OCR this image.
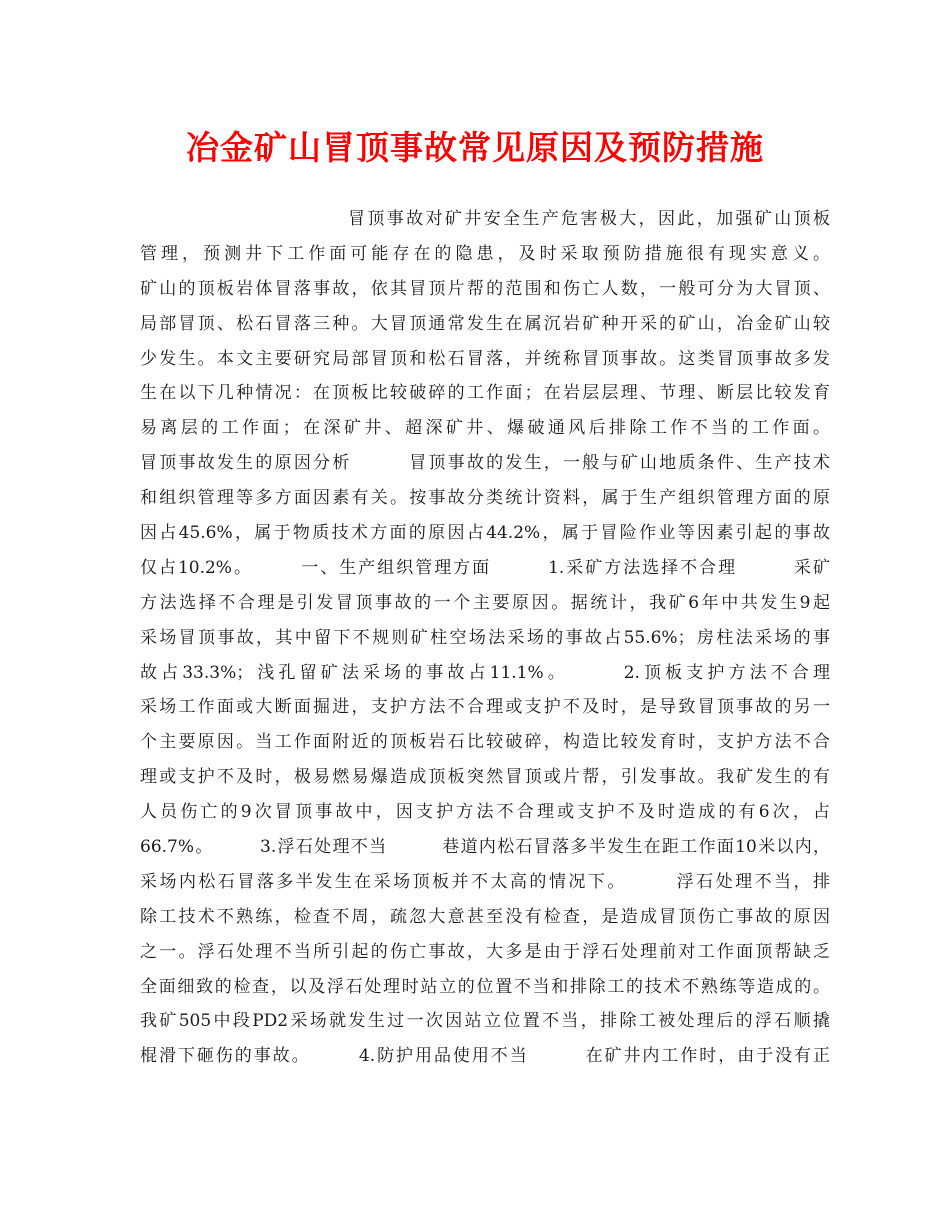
冶金矿山冒顶事故常见原因及预防措施
冒顶事故对矿井安全生产危害极大，因此，加强矿山顶板
管理，预测井下工作面可能存在的隐患，及时采取预防措施很有现实意义。
矿山的顶板岩体冒落事故，依其冒顶片帮的范围和伤亡人数，一般可分为大冒顶、
局部冒顶、松石冒落三种。大冒顶通常发生在属沉岩矿种开采的矿山，冶金矿山较
少发生。本文主要研究局部冒顶和松石冒落，并统称冒顶事故。这类冒顶事故多发
生在以下几种情况：在顶板比较破碎的工作面；在岩层层理、节理、断层比较发育
易离层的工作面；在深矿井、超深矿井、爆破通风后排除工作不当的工作面。
冒顶事故发生的原因分析　　　冒顶事故的发生，一般与矿山地质条件、生产技术
和组织管理等多方面因素有关。按事故分类统计资料，属于生产组织管理方面的原
因占45.6%，属于物质技术方面的原因占44.2%，属于冒险作业等因素引起的事故
仅占10.2%。　　　一、生产组织管理方面　　　1.采矿方法选择不合理　　　采矿
方法选择不合理是引发冒顶事故的一个主要原因。据统计，我矿6年中共发生9起
采场冒顶事故，其中留下不规则矿柱空场法采场的事故占55.6%；房柱法采场的事
故占33.3%；浅孔留矿法采场的事故占11.1%。　　　2.顶板支护方法不合理
采场工作面或大断面掘进，支护方法不合理或支护不及时，是导致冒顶事故的另一
个主要原因。当工作面附近的顶板岩石比较破碎，构造比较发育时，支护方法不合
理或支护不及时，极易燃易爆造成顶板突然冒顶或片帮，引发事故。我矿发生的有
人员伤亡的9次冒顶事故中，因支护方法不合理或支护不及时造成的有6次，占
66.7%。　　　3.浮石处理不当　　　巷道内松石冒落多半发生在距工作面10米以内，
采场内松石冒落多半发生在采场顶板并不太高的情况下。　　　浮石处理不当，排
除工技术不熟练，检查不周，疏忽大意甚至没有检查，是造成冒顶伤亡事故的原因
之一。浮石处理不当所引起的伤亡事故，大多是由于浮石处理前对工作面顶帮缺乏
全面细致的检查，以及浮石处理时站立的位置不当和排除工的技术不熟练等造成的。
我矿505中段PD2采场就发生过一次因站立位置不当，排除工被处理后的浮石顺撬
棍滑下砸伤的事故。　　　4.防护用品使用不当　　　在矿井内工作时，由于没有正
